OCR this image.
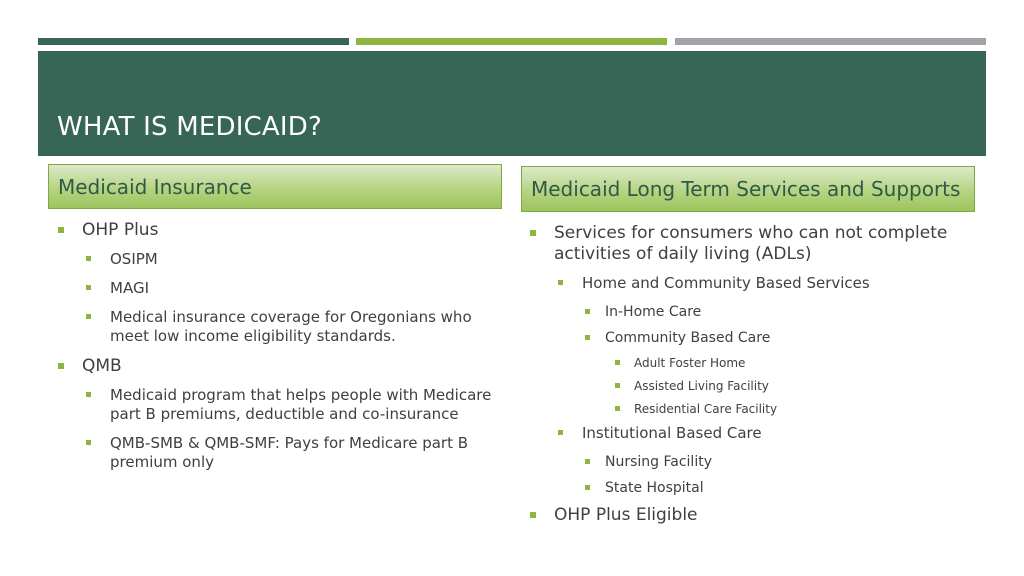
WHAT IS MEDICAID?
Medicaid Insurance	Medicaid Long Term Services and Supports
OHP Plus
OSIPM
MAGI
Medical insurance coverage for Oregonians who meet low income eligibility standards.
QMB
Medicaid program that helps people with Medicare part B premiums, deductible and co-insurance
QMB-SMB & QMB-SMF: Pays for Medicare part B premium only
Services for consumers who can not complete activities of daily living (ADLs)
Home and Community Based Services
In-Home Care
Community Based Care
Adult Foster Home
Assisted Living Facility
Residential Care Facility
Institutional Based Care
Nursing Facility
State Hospital
OHP Plus Eligible
